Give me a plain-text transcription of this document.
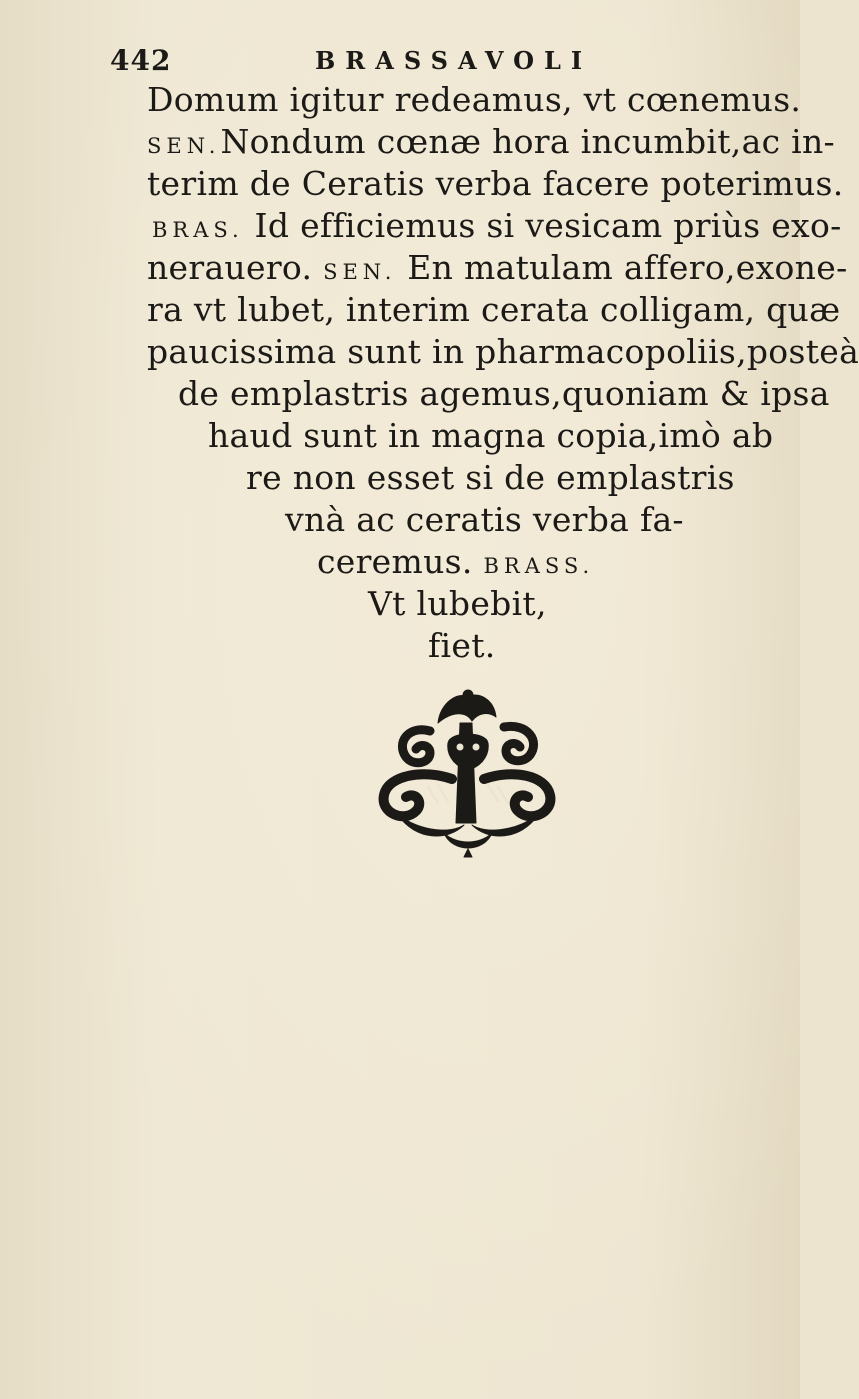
442	BRASSAVOLI
Domum igitur redeamus, vt cœnemus.
SEN.Nondum cœnæ hora incumbit,ac in-
terim de Ceratis verba facere poterimus.
BRAS. Id efficiemus si vesicam priùs exo-
nerauero. SEN. En matulam affero,exone-
ra vt lubet, interim cerata colligam, quæ
paucissima sunt in pharmacopoliis,posteà
de emplastris agemus,quoniam & ipsa
haud sunt in magna copia,imò ab
re non esset si de emplastris
vnà ac ceratis verba fa-
ceremus. BRASS.
Vt lubebit,
fiet.
